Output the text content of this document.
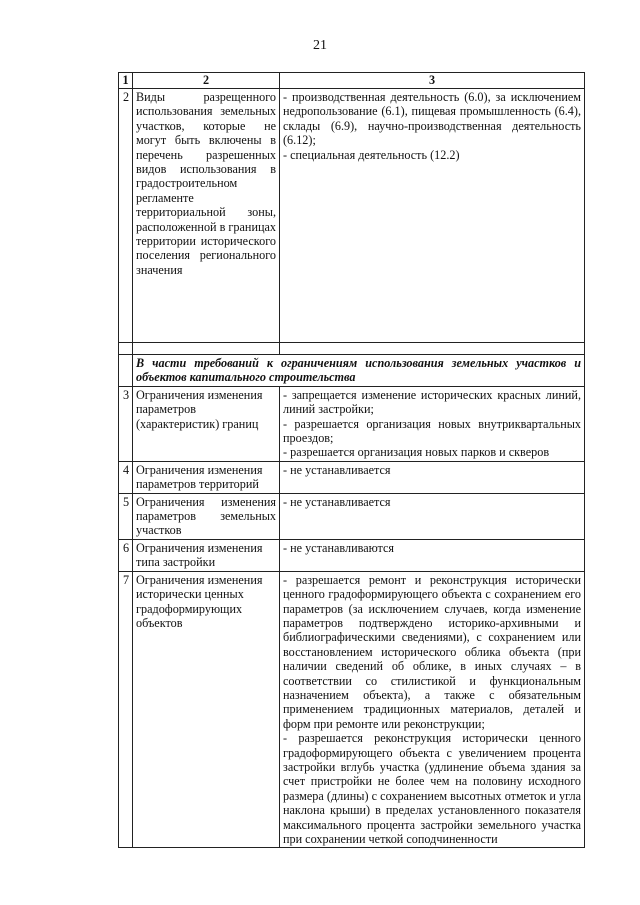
21
1	2	3
2	Виды разрещенного использования земельных участков, которые не могут быть включены в перечень разрешенных видов использования в градостроительном регламенте территориальной зоны, расположенной в границах территории исторического поселения регионального значения	- производственная деятельность (6.0), за исключением недропользование (6.1), пищевая промышленность (6.4), склады (6.9), научно-производственная деятельность (6.12);
- специальная деятельность (12.2)

	В части требований к ограничениям использования земельных участков и объектов капитального строительства	
3	Ограничения изменения параметров (характеристик) границ	- запрещается изменение исторических красных линий, линий застройки;
- разрешается организация новых внутриквартальных проездов;
- разрешается организация новых парков и скверов

4	Ограничения изменения параметров территорий	- не устанавливается

5	Ограничения изменения параметров земельных участков	- не устанавливается

6	Ограничения изменения типа застройки	- не устанавливаются

7	Ограничения изменения исторически ценных градоформирующих объектов	- разрешается ремонт и реконструкция исторически ценного градоформирующего объекта с сохранением его параметров (за исключением случаев, когда изменение параметров подтверждено историко-архивными и библиографическими сведениями), с сохранением или восстановлением исторического облика объекта (при наличии сведений об облике, в иных случаях – в соответствии со стилистикой и функциональным назначением объекта), а также с обязательным применением традиционных материалов, деталей и форм при ремонте или реконструкции;
- разрешается реконструкция исторически ценного градоформирующего объекта с увеличением процента застройки вглубь участка (удлинение объема здания за счет пристройки не более чем на половину исходного размера (длины) с сохранением высотных отметок и угла наклона крыши) в пределах установленного показателя максимального процента застройки земельного участка при сохранении четкой соподчиненности
